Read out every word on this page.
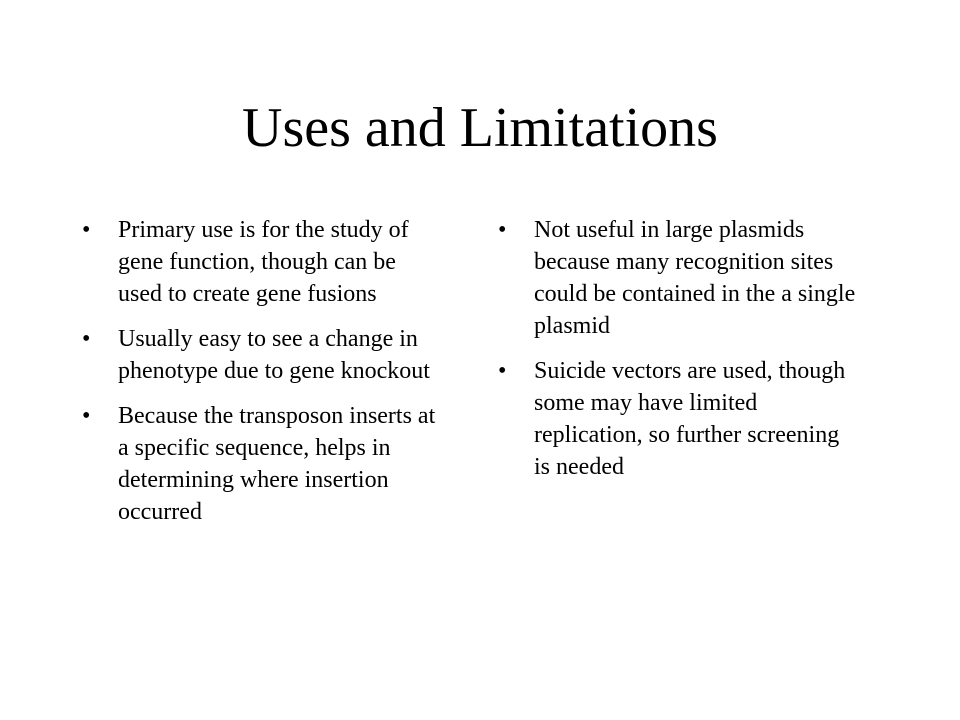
Uses and Limitations
•	Primary use is for the study of gene function, though can be used to create gene fusions
•	Usually easy to see a change in phenotype due to gene knockout
•	Because the transposon inserts at a specific sequence, helps in determining where insertion occurred
•	Not useful in large plasmids because many recognition sites could be contained in the a single plasmid
•	Suicide vectors are used, though some may have limited replication, so further screening is needed
